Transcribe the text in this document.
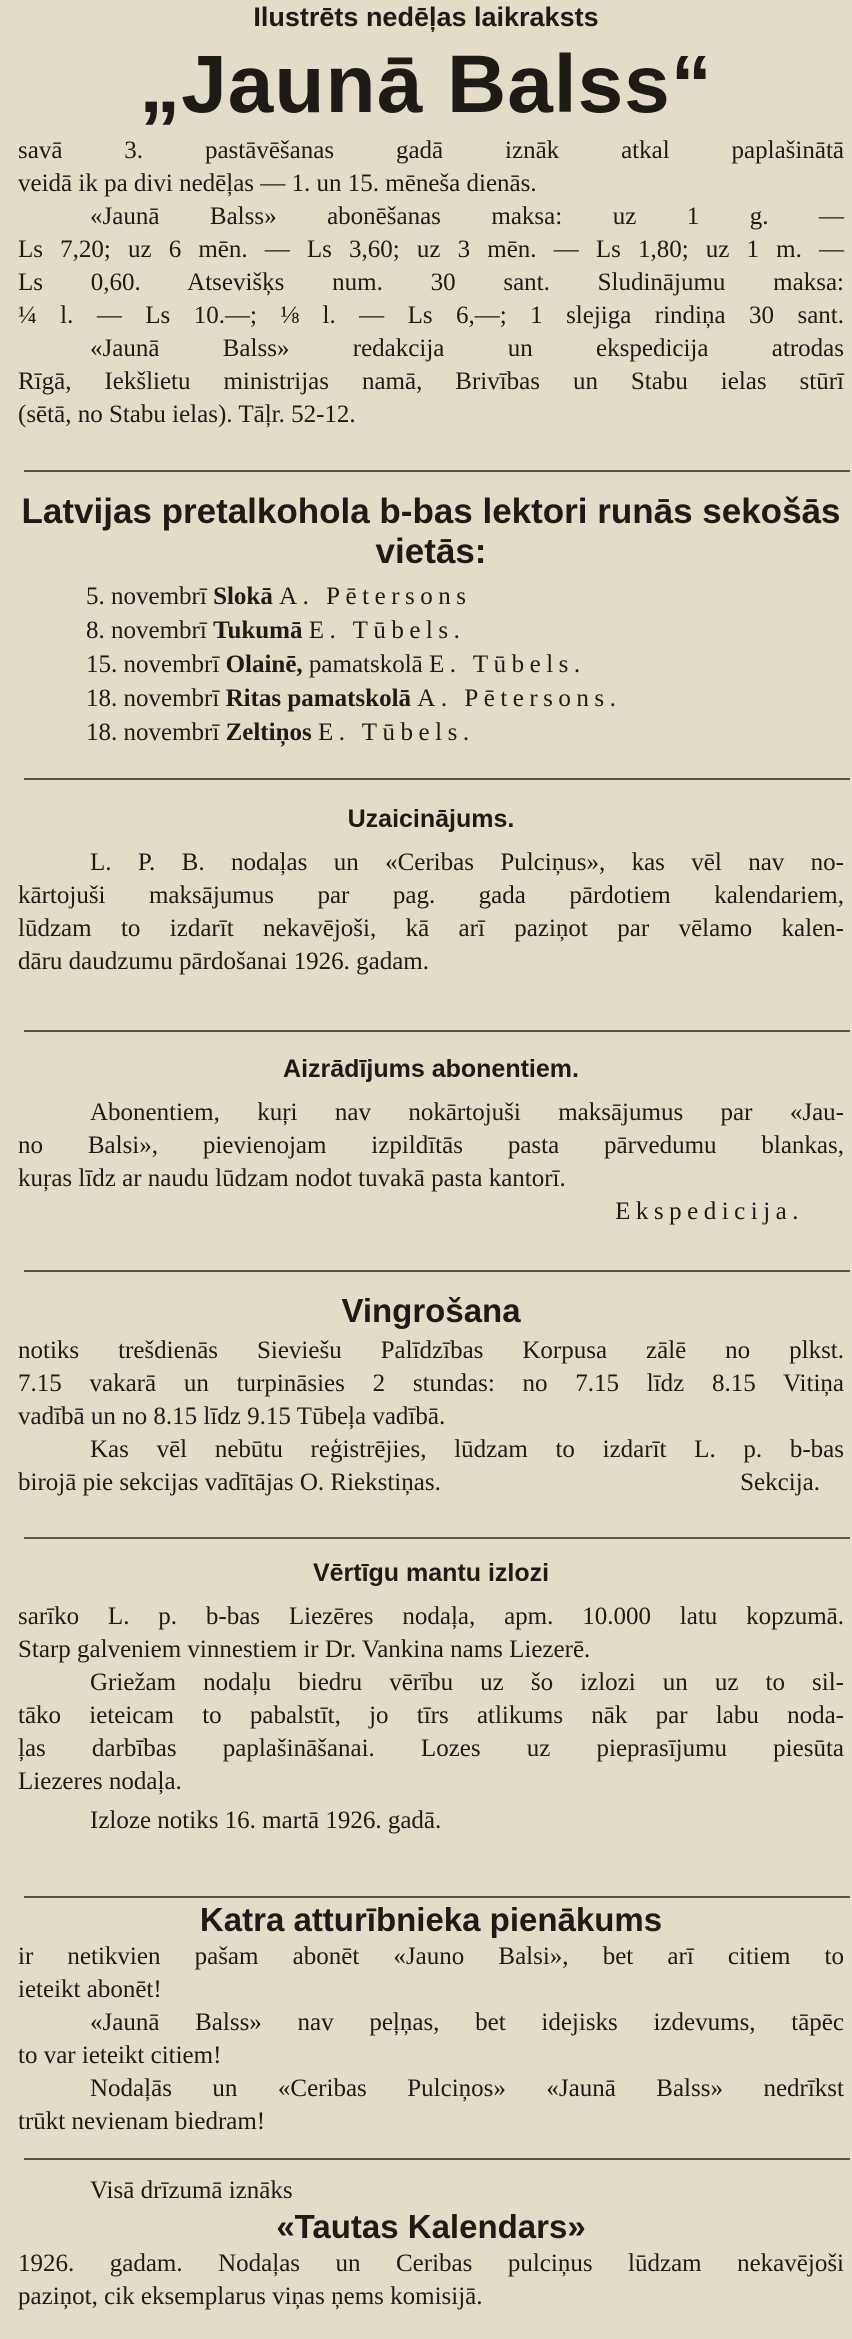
Ilustrēts nedēļas laikraksts
„Jaunā Balss“

savā 3. pastāvēšanas gadā iznāk atkal paplašinātā

veidā ik pa divi nedēļas — 1. un 15. mēneša dienās.

«Jaunā Balss» abonēšanas maksa: uz 1 g. —

Ls 7,20; uz 6 mēn. — Ls 3,60; uz 3 mēn. — Ls 1,80; uz 1 m. —

Ls 0,60. Atsevišķs num. 30 sant. Sludinājumu maksa:

¼ l. — Ls 10.—; ⅛ l. — Ls 6,—; 1 slejiga rindiņa 30 sant.

«Jaunā Balss» redakcija un ekspedicija atrodas

Rīgā, Iekšlietu ministrijas namā, Brivības un Stabu ielas stūrī

(sētā, no Stabu ielas). Tāļr. 52-12.

Latvijas pretalkohola b-bas lektori runās sekošās vietās:
5. novembrī Slokā A. Pētersons
8. novembrī Tukumā E. Tūbels.
15. novembrī Olainē, pamatskolā E. Tūbels.
18. novembrī Ritas pamatskolā A. Pētersons.
18. novembrī Zeltiņos E. Tūbels.
Uzaicinājums.

L. P. B. nodaļas un «Ceribas Pulciņus», kas vēl nav no-

kārtojuši maksājumus par pag. gada pārdotiem kalendariem,

lūdzam to izdarīt nekavējoši, kā arī paziņot par vēlamo kalen-

dāru daudzumu pārdošanai 1926. gadam.

Aizrādījums abonentiem.

Abonentiem, kuŗi nav nokārtojuši maksājumus par «Jau-

no Balsi», pievienojam izpildītās pasta pārvedumu blankas,

kuŗas līdz ar naudu lūdzam nodot tuvakā pasta kantorī.

Ekspedicija.

Vingrošana

notiks trešdienās Sieviešu Palīdzības Korpusa zālē no plkst.

7.15 vakarā un turpināsies 2 stundas: no 7.15 līdz 8.15 Vitiņa

vadībā un no 8.15 līdz 9.15 Tūbeļa vadībā.

Kas vēl nebūtu reģistrējies, lūdzam to izdarīt L. p. b-bas

birojā pie sekcijas vadītājas O. Riekstiņas.	Sekcija.

Vērtīgu mantu izlozi

sarīko L. p. b-bas Liezēres nodaļa, apm. 10.000 latu kopzumā.

Starp galveniem vinnestiem ir Dr. Vankina nams Liezerē.

Griežam nodaļu biedru vērību uz šo izlozi un uz to sil-

tāko ieteicam to pabalstīt, jo tīrs atlikums nāk par labu noda-

ļas darbības paplašināšanai. Lozes uz pieprasījumu piesūta

Liezeres nodaļa.

Izloze notiks 16. martā 1926. gadā.

Katra atturībnieka pienākums

ir netikvien pašam abonēt «Jauno Balsi», bet arī citiem to

ieteikt abonēt!

«Jaunā Balss» nav peļņas, bet idejisks izdevums, tāpēc

to var ieteikt citiem!

Nodaļās un «Ceribas Pulciņos» «Jaunā Balss» nedrīkst

trūkt nevienam biedram!

Visā drīzumā iznāks

«Tautas Kalendars»

1926. gadam. Nodaļas un Ceribas pulciņus lūdzam nekavējoši

paziņot, cik eksemplarus viņas ņems komisijā.
